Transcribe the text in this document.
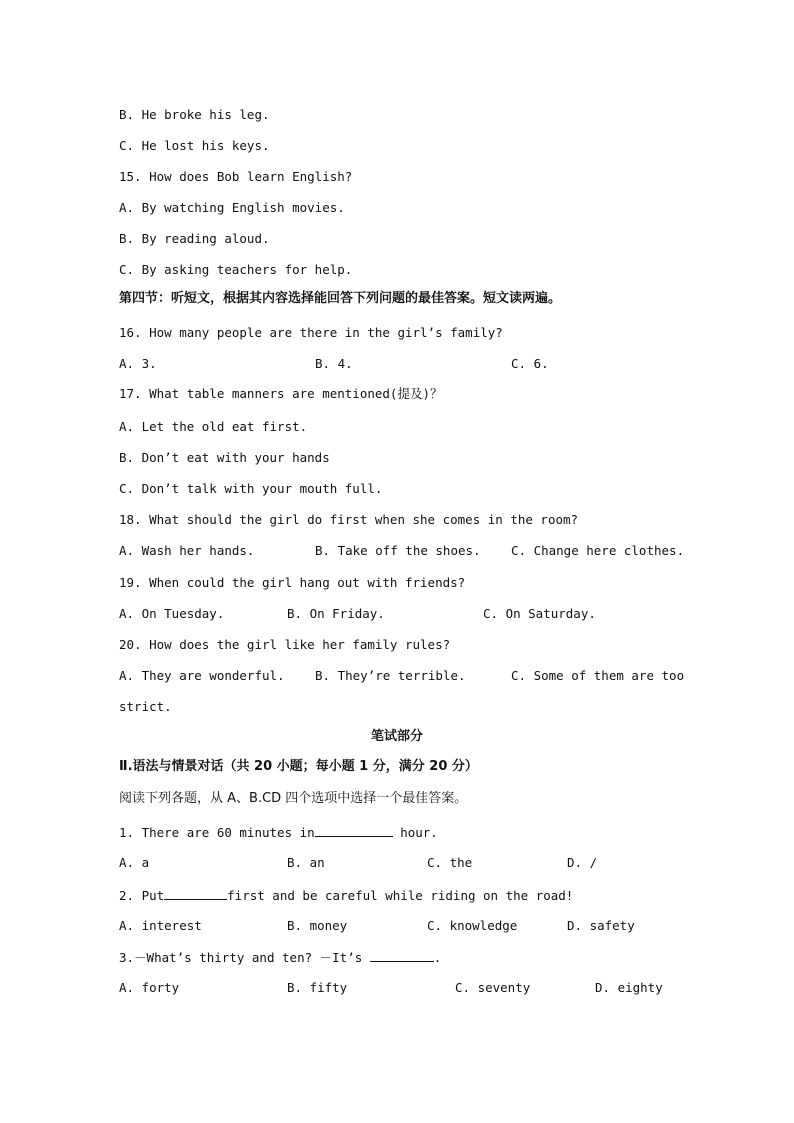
B. He broke his leg.
C. He lost his keys.
15. How does Bob learn English?
A. By watching English movies.
B. By reading aloud.
C. By asking teachers for help.
第四节：听短文，根据其内容选择能回答下列问题的最佳答案。短文读两遍。
16. How many people are there in the girl’s family?
A. 3.	B. 4.	C. 6.
17. What table manners are mentioned(提及)？
A. Let the old eat first.
B. Don’t eat with your hands
C. Don’t talk with your mouth full.
18. What should the girl do first when she comes in the room?
A. Wash her hands.	B. Take off the shoes. C. Change here clothes.
19. When could the girl hang out with friends?
A. On Tuesday.	B. On Friday.	C. On Saturday.
20. How does the girl like her family rules?
A. They are wonderful. B. They’re terrible.	C. Some of them are too
strict.
笔试部分
Ⅱ.语法与情景对话（共 20 小题；每小题 1 分，满分 20 分）
阅读下列各题，从 A、B.CD 四个选项中选择一个最佳答案。
1. There are 60 minutes in	hour.
A. a	B. an	C. the	D. /
2. Put	first and be careful while riding on the road!
A. interest	B. money	C. knowledge	D. safety
3.－What’s thirty and ten? －It’s	.
A. forty	B. fifty	C. seventy	D. eighty
